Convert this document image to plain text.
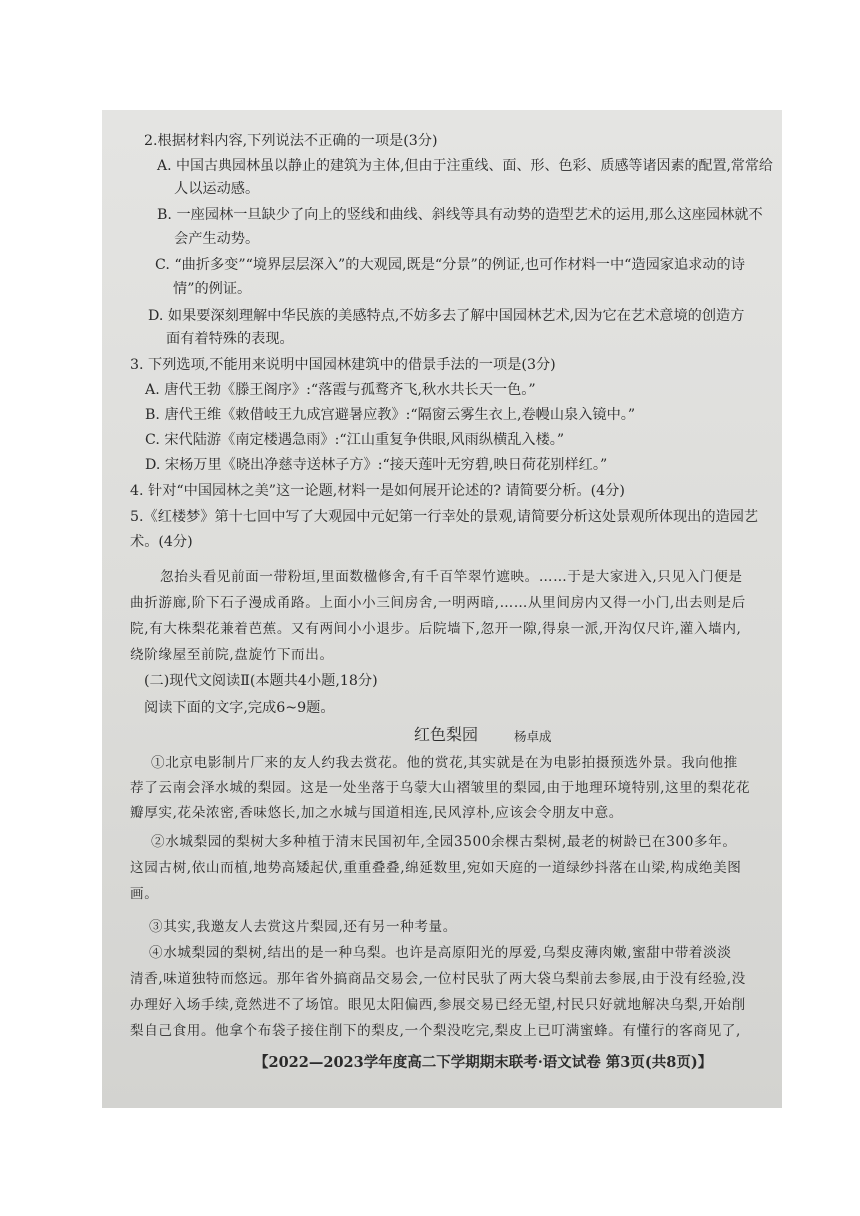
2.根据材料内容,下列说法不正确的一项是(3分)
A. 中国古典园林虽以静止的建筑为主体,但由于注重线、面、形、色彩、质感等诸因素的配置,常常给
人以运动感。
B. 一座园林一旦缺少了向上的竖线和曲线、斜线等具有动势的造型艺术的运用,那么这座园林就不
会产生动势。
C. “曲折多变”“境界层层深入”的大观园,既是“分景”的例证,也可作材料一中“造园家追求动的诗
情”的例证。
D. 如果要深刻理解中华民族的美感特点,不妨多去了解中国园林艺术,因为它在艺术意境的创造方
面有着特殊的表现。
3. 下列选项,不能用来说明中国园林建筑中的借景手法的一项是(3分)
A. 唐代王勃《滕王阁序》:“落霞与孤鹜齐飞,秋水共长天一色。”
B. 唐代王维《敕借岐王九成宫避暑应教》:“隔窗云雾生衣上,卷幔山泉入镜中。”
C. 宋代陆游《南定楼遇急雨》:“江山重复争供眼,风雨纵横乱入楼。”
D. 宋杨万里《晓出净慈寺送林子方》:“接天莲叶无穷碧,映日荷花别样红。”
4. 针对“中国园林之美”这一论题,材料一是如何展开论述的? 请简要分析。(4分)
5.《红楼梦》第十七回中写了大观园中元妃第一行幸处的景观,请简要分析这处景观所体现出的造园艺
术。(4分)
忽抬头看见前面一带粉垣,里面数楹修舍,有千百竿翠竹遮映。……于是大家进入,只见入门便是
曲折游廊,阶下石子漫成甬路。上面小小三间房舍,一明两暗,……从里间房内又得一小门,出去则是后
院,有大株梨花兼着芭蕉。又有两间小小退步。后院墙下,忽开一隙,得泉一派,开沟仅尺许,灌入墙内,
绕阶缘屋至前院,盘旋竹下而出。
(二)现代文阅读Ⅱ(本题共4小题,18分)
阅读下面的文字,完成6~9题。
红色梨园	杨卓成
①北京电影制片厂来的友人约我去赏花。他的赏花,其实就是在为电影拍摄预选外景。我向他推
荐了云南会泽水城的梨园。这是一处坐落于乌蒙大山褶皱里的梨园,由于地理环境特别,这里的梨花花
瓣厚实,花朵浓密,香味悠长,加之水城与国道相连,民风淳朴,应该会令朋友中意。
②水城梨园的梨树大多种植于清末民国初年,全园3500余棵古梨树,最老的树龄已在300多年。
这园古树,依山而植,地势高矮起伏,重重叠叠,绵延数里,宛如天庭的一道绿纱抖落在山梁,构成绝美图
画。
③其实,我邀友人去赏这片梨园,还有另一种考量。
④水城梨园的梨树,结出的是一种乌梨。也许是高原阳光的厚爱,乌梨皮薄肉嫩,蜜甜中带着淡淡
清香,味道独特而悠远。那年省外搞商品交易会,一位村民驮了两大袋乌梨前去参展,由于没有经验,没
办理好入场手续,竟然进不了场馆。眼见太阳偏西,参展交易已经无望,村民只好就地解决乌梨,开始削
梨自己食用。他拿个布袋子接住削下的梨皮,一个梨没吃完,梨皮上已叮满蜜蜂。有懂行的客商见了,
【2022—2023学年度高二下学期期末联考·语文试卷 第3页(共8页)】
